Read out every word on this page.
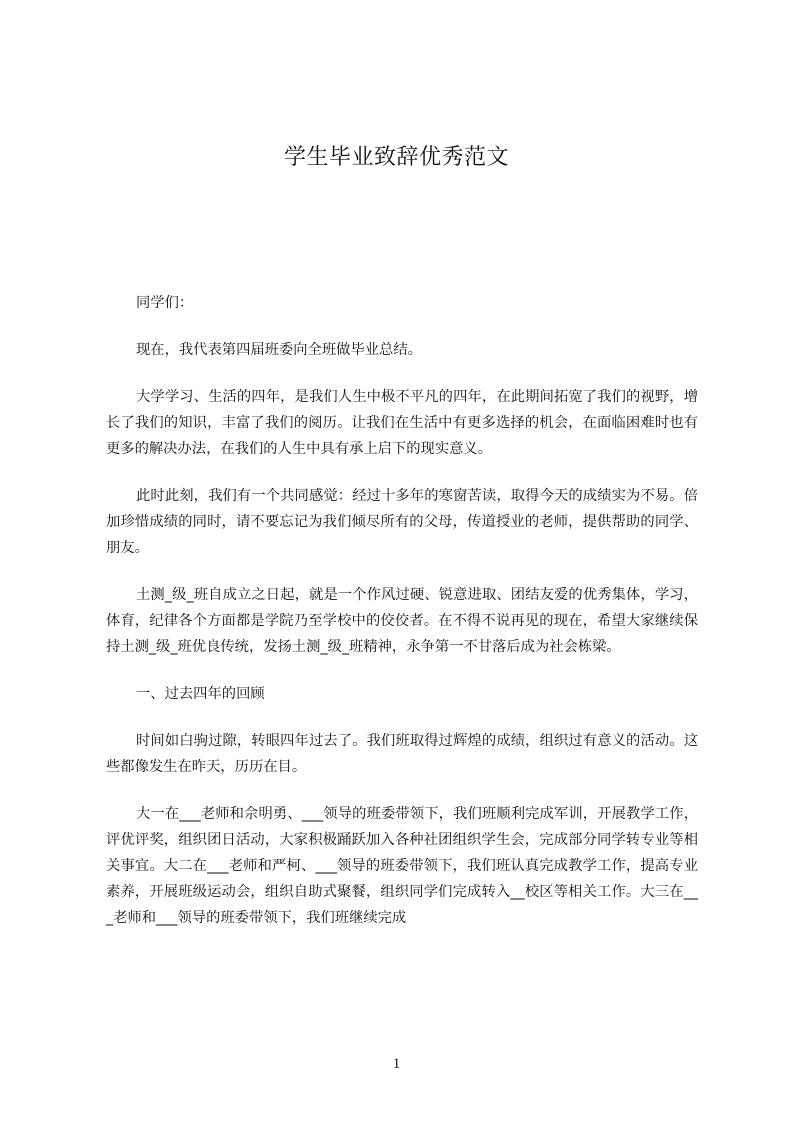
学生毕业致辞优秀范文

同学们：

现在，我代表第四届班委向全班做毕业总结。

大学学习、生活的四年，是我们人生中极不平凡的四年，在此期间拓宽了我们的视野，增长了我们的知识，丰富了我们的阅历。让我们在生活中有更多选择的机会，在面临困难时也有更多的解决办法，在我们的人生中具有承上启下的现实意义。

此时此刻，我们有一个共同感觉：经过十多年的寒窗苦读，取得今天的成绩实为不易。倍加珍惜成绩的同时，请不要忘记为我们倾尽所有的父母，传道授业的老师，提供帮助的同学、朋友。

土测_级_班自成立之日起，就是一个作风过硬、锐意进取、团结友爱的优秀集体，学习，体育，纪律各个方面都是学院乃至学校中的佼佼者。在不得不说再见的现在，希望大家继续保持土测_级_班优良传统，发扬土测_级_班精神，永争第一不甘落后成为社会栋梁。

一、过去四年的回顾

时间如白驹过隙，转眼四年过去了。我们班取得过辉煌的成绩，组织过有意义的活动。这些都像发生在昨天，历历在目。

大一在___老师和佘明勇、___领导的班委带领下，我们班顺利完成军训，开展教学工作，评优评奖，组织团日活动，大家积极踊跃加入各种社团组织学生会，完成部分同学转专业等相关事宜。大二在___老师和严柯、___领导的班委带领下，我们班认真完成教学工作，提高专业素养，开展班级运动会，组织自助式聚餐，组织同学们完成转入__校区等相关工作。大三在___老师和___领导的班委带领下，我们班继续完成

1
